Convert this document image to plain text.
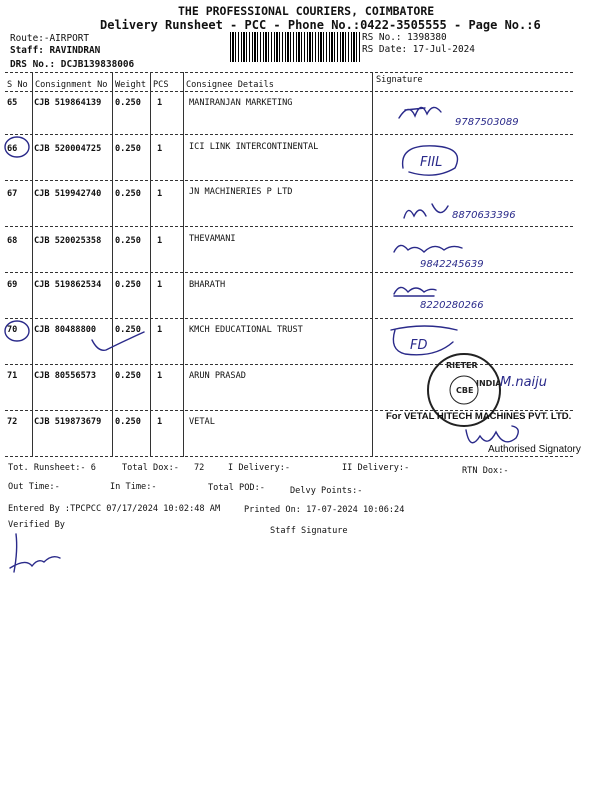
THE PROFESSIONAL COURIERS, COIMBATORE
Delivery Runsheet - PCC - Phone No.:0422-3505555 - Page No.:6
Route:-AIRPORT
Staff: RAVINDRAN
DRS No.: DCJB139838006
RS No.: 1398380
RS Date: 17-Jul-2024
S No Consignment No Weight PCS Consignee Details	Signature
65 CJB 519864139 0.250 1	MANIRANJAN MARKETING
66 CJB 520004725 0.250 1	ICI LINK INTERCONTINENTAL
67 CJB 519942740 0.250 1	JN MACHINERIES P LTD
68 CJB 520025358 0.250 1	THEVAMANI
69 CJB 519862534 0.250 1	BHARATH
70 CJB 80488800 0.250 1	KMCH EDUCATIONAL TRUST
71 CJB 80556573 0.250 1	ARUN PRASAD
72 CJB 519873679 0.250 1	VETAL
9787503089
FIIL
8870633396
9842245639
8220280266
FD
RIETER
INDIA
CBE
M.naiju
For VETAL HITECH MACHINES PVT. LTD.
Authorised Signatory
Tot. Runsheet:- 6	Total Dox:- 72	I Delivery:-	II Delivery:-	RTN Dox:-
Out Time:-	In Time:-	Total POD:-	Delvy Points:-
Entered By :TPCPCC 07/17/2024 10:02:48 AM	Printed On: 17-07-2024 10:06:24
Verified By
Staff Signature
